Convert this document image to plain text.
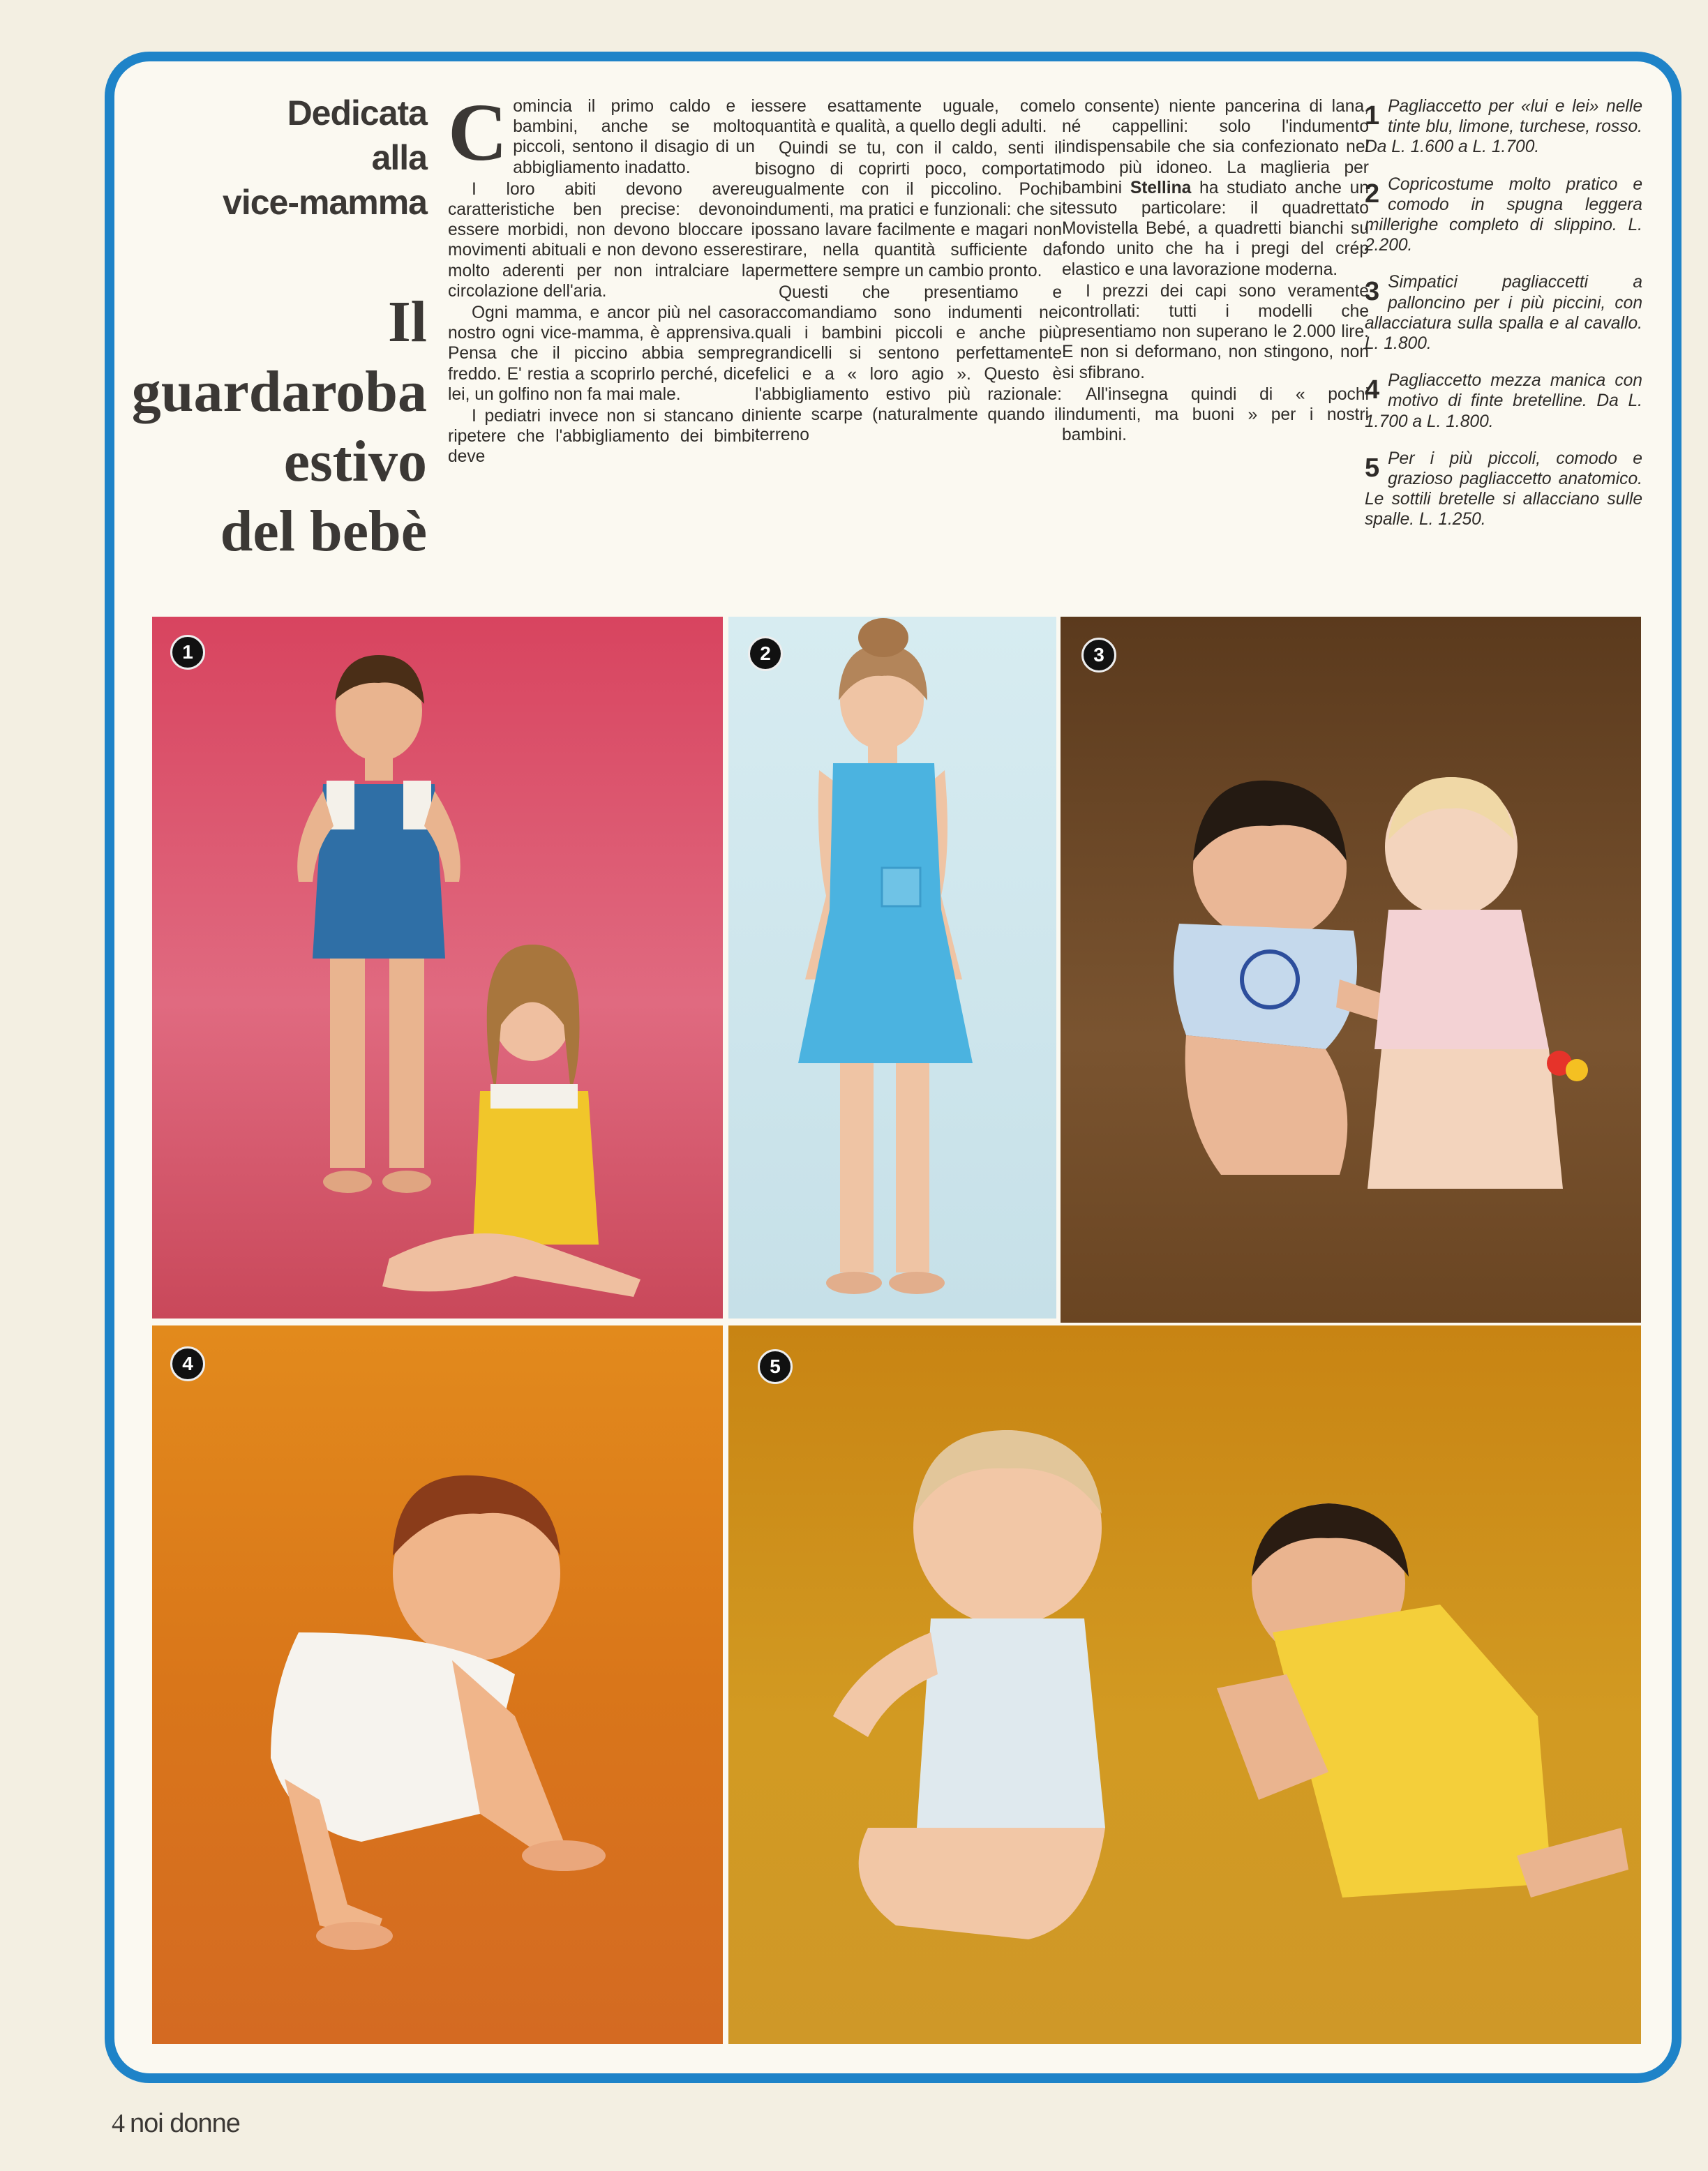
Dedicata
alla
vice-mamma
Il
guardaroba
estivo
del bebè

Comincia il primo caldo e i bambini, anche se molto piccoli, sentono il disagio di un abbigliamento inadatto.

I loro abiti devono avere caratteristiche ben precise: devono essere morbidi, non devono bloccare i movimenti abituali e non devono essere molto aderenti per non intralciare la circolazione dell'aria.

Ogni mamma, e ancor più nel caso nostro ogni vice-mamma, è apprensiva. Pensa che il piccino abbia sempre freddo. E' restia a scoprirlo perché, dice lei, un golfino non fa mai male.

I pediatri invece non si stancano di ripetere che l'abbigliamento dei bimbi deve

essere esattamente uguale, come quantità e qualità, a quello degli adulti.

Quindi se tu, con il caldo, senti il bisogno di coprirti poco, comportati ugualmente con il piccolino. Pochi indumenti, ma pratici e funzionali: che si possano lavare facilmente e magari non stirare, nella quantità sufficiente da permettere sempre un cambio pronto.

Questi che presentiamo e raccomandiamo sono indumenti nei quali i bambini piccoli e anche più grandicelli si sentono perfettamente felici e a « loro agio ». Questo è l'abbigliamento estivo più razionale: niente scarpe (naturalmente quando il terreno

lo consente) niente pancerina di lana, né cappellini: solo l'indumento indispensabile che sia confezionato nel modo più idoneo. La maglieria per bambini Stellina ha studiato anche un tessuto particolare: il quadrettato Movistella Bebé, a quadretti bianchi su fondo unito che ha i pregi del crép elastico e una lavorazione moderna.

I prezzi dei capi sono veramente controllati: tutti i modelli che presentiamo non superano le 2.000 lire. E non si deformano, non stingono, non si sfibrano.

All'insegna quindi di « pochi indumenti, ma buoni » per i nostri bambini.

1 Pagliaccetto per «lui e lei» nelle tinte blu, limone, turchese, rosso. Da L. 1.600 a L. 1.700.
2 Copricostume molto pratico e comodo in spugna leggera millerighe completo di slippino. L. 2.200.
3 Simpatici pagliaccetti a palloncino per i più piccini, con allacciatura sulla spalla e al cavallo. L. 1.800.
4 Pagliaccetto mezza manica con motivo di finte bretelline. Da L. 1.700 a L. 1.800.
5 Per i più piccoli, comodo e grazioso pagliaccetto anatomico. Le sottili bretelle si allacciano sulle spalle. L. 1.250.
1	2	3
4	5
4 noi donne
